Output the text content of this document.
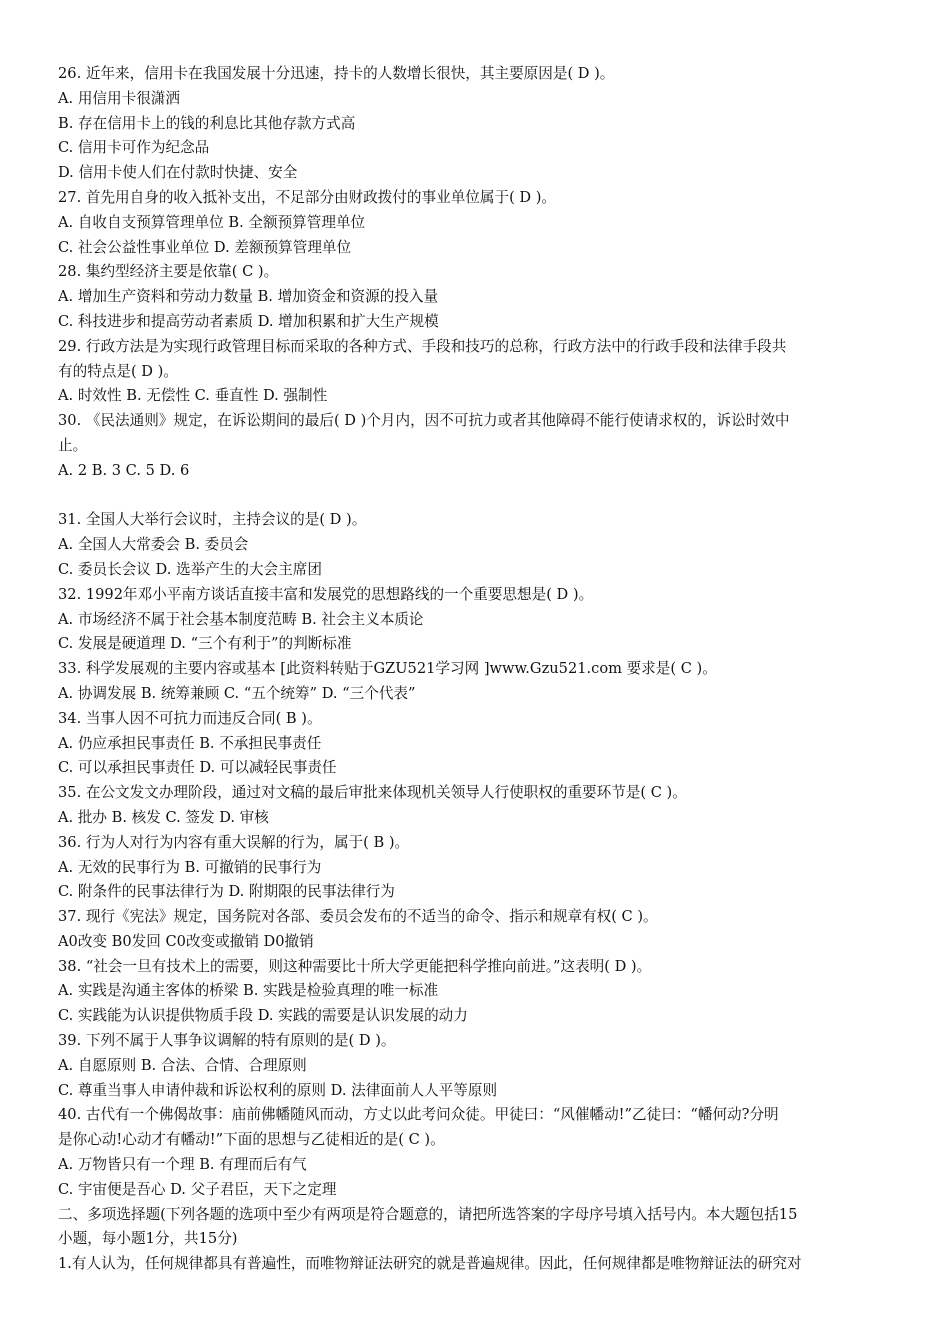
26. 近年来，信用卡在我国发展十分迅速，持卡的人数增长很快，其主要原因是( D )。
A. 用信用卡很潇洒
B. 存在信用卡上的钱的利息比其他存款方式高
C. 信用卡可作为纪念品
D. 信用卡使人们在付款时快捷、安全
27. 首先用自身的收入抵补支出，不足部分由财政拨付的事业单位属于( D )。
A. 自收自支预算管理单位 B. 全额预算管理单位
C. 社会公益性事业单位 D. 差额预算管理单位
28. 集约型经济主要是依靠( C )。
A. 增加生产资料和劳动力数量 B. 增加资金和资源的投入量
C. 科技进步和提高劳动者素质 D. 增加积累和扩大生产规模
29. 行政方法是为实现行政管理目标而采取的各种方式、手段和技巧的总称，行政方法中的行政手段和法律手段共
有的特点是( D )。
A. 时效性 B. 无偿性 C. 垂直性 D. 强制性
30. 《民法通则》规定，在诉讼期间的最后( D )个月内，因不可抗力或者其他障碍不能行使请求权的，诉讼时效中
止。
A. 2 B. 3 C. 5 D. 6
31. 全国人大举行会议时，主持会议的是( D )。
A. 全国人大常委会 B. 委员会
C. 委员长会议 D. 选举产生的大会主席团
32. 1992年邓小平南方谈话直接丰富和发展党的思想路线的一个重要思想是( D )。
A. 市场经济不属于社会基本制度范畴 B. 社会主义本质论
C. 发展是硬道理 D. “三个有利于”的判断标准
33. 科学发展观的主要内容或基本 [此资料转贴于GZU521学习网 ]www.Gzu521.com 要求是( C )。
A. 协调发展 B. 统筹兼顾 C. “五个统筹” D. “三个代表”
34. 当事人因不可抗力而违反合同( B )。
A. 仍应承担民事责任 B. 不承担民事责任
C. 可以承担民事责任 D. 可以减轻民事责任
35. 在公文发文办理阶段，通过对文稿的最后审批来体现机关领导人行使职权的重要环节是( C )。
A. 批办 B. 核发 C. 签发 D. 审核
36. 行为人对行为内容有重大误解的行为，属于( B )。
A. 无效的民事行为 B. 可撤销的民事行为
C. 附条件的民事法律行为 D. 附期限的民事法律行为
37. 现行《宪法》规定，国务院对各部、委员会发布的不适当的命令、指示和规章有权( C )。
A0改变 B0发回 C0改变或撤销 D0撤销
38. “社会一旦有技术上的需要，则这种需要比十所大学更能把科学推向前进。”这表明( D )。
A. 实践是沟通主客体的桥梁 B. 实践是检验真理的唯一标准
C. 实践能为认识提供物质手段 D. 实践的需要是认识发展的动力
39. 下列不属于人事争议调解的特有原则的是( D )。
A. 自愿原则 B. 合法、合情、合理原则
C. 尊重当事人申请仲裁和诉讼权利的原则 D. 法律面前人人平等原则
40. 古代有一个佛偈故事：庙前佛幡随风而动，方丈以此考问众徒。甲徒曰：“风催幡动!”乙徒曰：“幡何动?分明
是你心动!心动才有幡动!”下面的思想与乙徒相近的是( C )。
A. 万物皆只有一个理 B. 有理而后有气
C. 宇宙便是吾心 D. 父子君臣，天下之定理
二、多项选择题(下列各题的选项中至少有两项是符合题意的，请把所选答案的字母序号填入括号内。本大题包括15
小题，每小题1分，共15分)
1.有人认为，任何规律都具有普遍性，而唯物辩证法研究的就是普遍规律。因此，任何规律都是唯物辩证法的研究对
